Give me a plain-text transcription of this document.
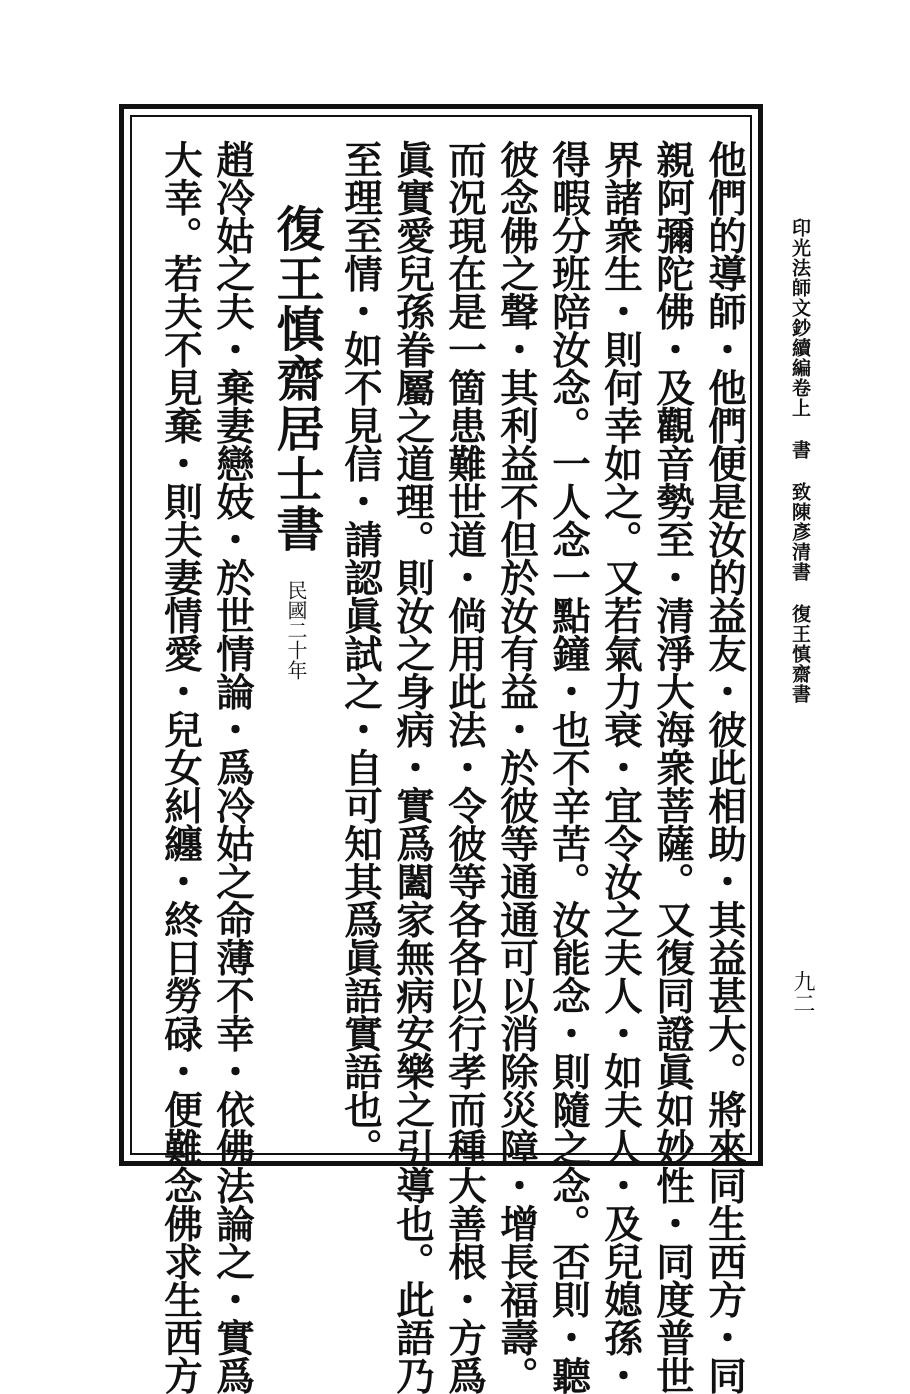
印光法師文鈔續編卷上書致陳彥清書復王慎齋書
九二
他們的導師・他們便是汝的益友・彼此相助・其益甚大。將來同生西方・同
親阿彌陀佛・及觀音勢至・清淨大海衆菩薩。又復同證眞如妙性・同度普世
界諸衆生・則何幸如之。又若氣力衰・宜令汝之夫人・如夫人・及兒媳孫・
得暇分班陪汝念。一人念一點鐘・也不辛苦。汝能念・則隨之念。否則・聽
彼念佛之聲・其利益不但於汝有益・於彼等通通可以消除災障・增長福壽。
而况現在是一箇患難世道・倘用此法・令彼等各各以行孝而種大善根・方爲
眞實愛兒孫眷屬之道理。則汝之身病・實爲闔家無病安樂之引導也。此語乃
至理至情・如不見信・請認眞試之・自可知其爲眞語實語也。
復王慎齋居士書民國二十年
趙冷姑之夫・棄妻戀妓・於世情論・爲冷姑之命薄不幸・依佛法論之・實爲
大幸。若夫不見棄・則夫妻情愛・兒女糾纏・終日勞碌・便難念佛求生西方
